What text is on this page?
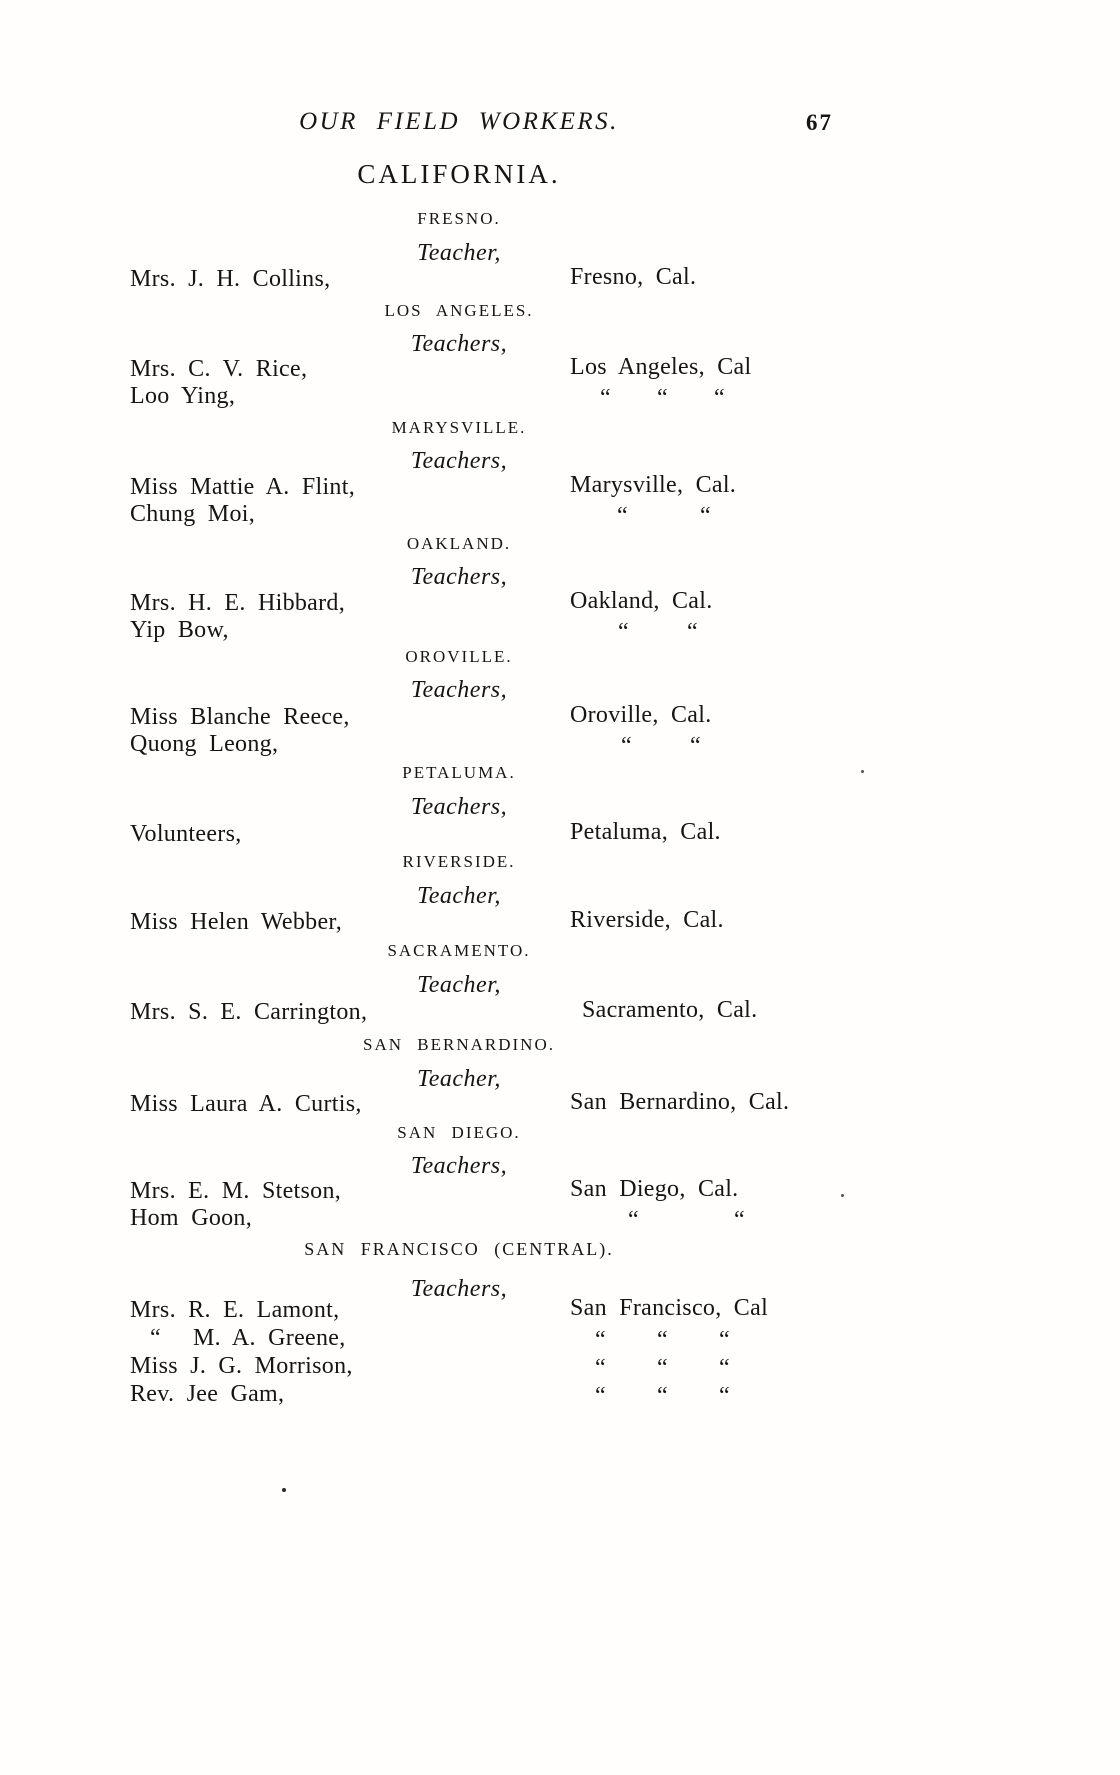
OUR FIELD WORKERS.	67
CALIFORNIA.
FRESNO.
Teacher,
Mrs. J. H. Collins,	Fresno, Cal.
LOS ANGELES.
Teachers,
Mrs. C. V. Rice,	Los Angeles, Cal
Loo Ying,	“	“	“
MARYSVILLE.
Teachers,
Miss Mattie A. Flint,	Marysville, Cal.
Chung Moi,	“	“
OAKLAND.
Teachers,
Mrs. H. E. Hibbard,	Oakland, Cal.
Yip Bow,	“	“
OROVILLE.
Teachers,
Miss Blanche Reece,	Oroville, Cal.
Quong Leong,	“	“
PETALUMA.
Teachers,
Volunteers,	Petaluma, Cal.
RIVERSIDE.
Teacher,
Miss Helen Webber,	Riverside, Cal.
SACRAMENTO.
Teacher,
Mrs. S. E. Carrington,	Sacramento, Cal.
SAN BERNARDINO.
Teacher,
Miss Laura A. Curtis,	San Bernardino, Cal.
SAN DIEGO.
Teachers,
Mrs. E. M. Stetson,	San Diego, Cal.
Hom Goon,	“	“
SAN FRANCISCO (CENTRAL).
Teachers,
Mrs. R. E. Lamont,	San Francisco, Cal
“ M. A. Greene,	“	“	“
Miss J. G. Morrison,	“	“	“
Rev. Jee Gam,	“	“	“
